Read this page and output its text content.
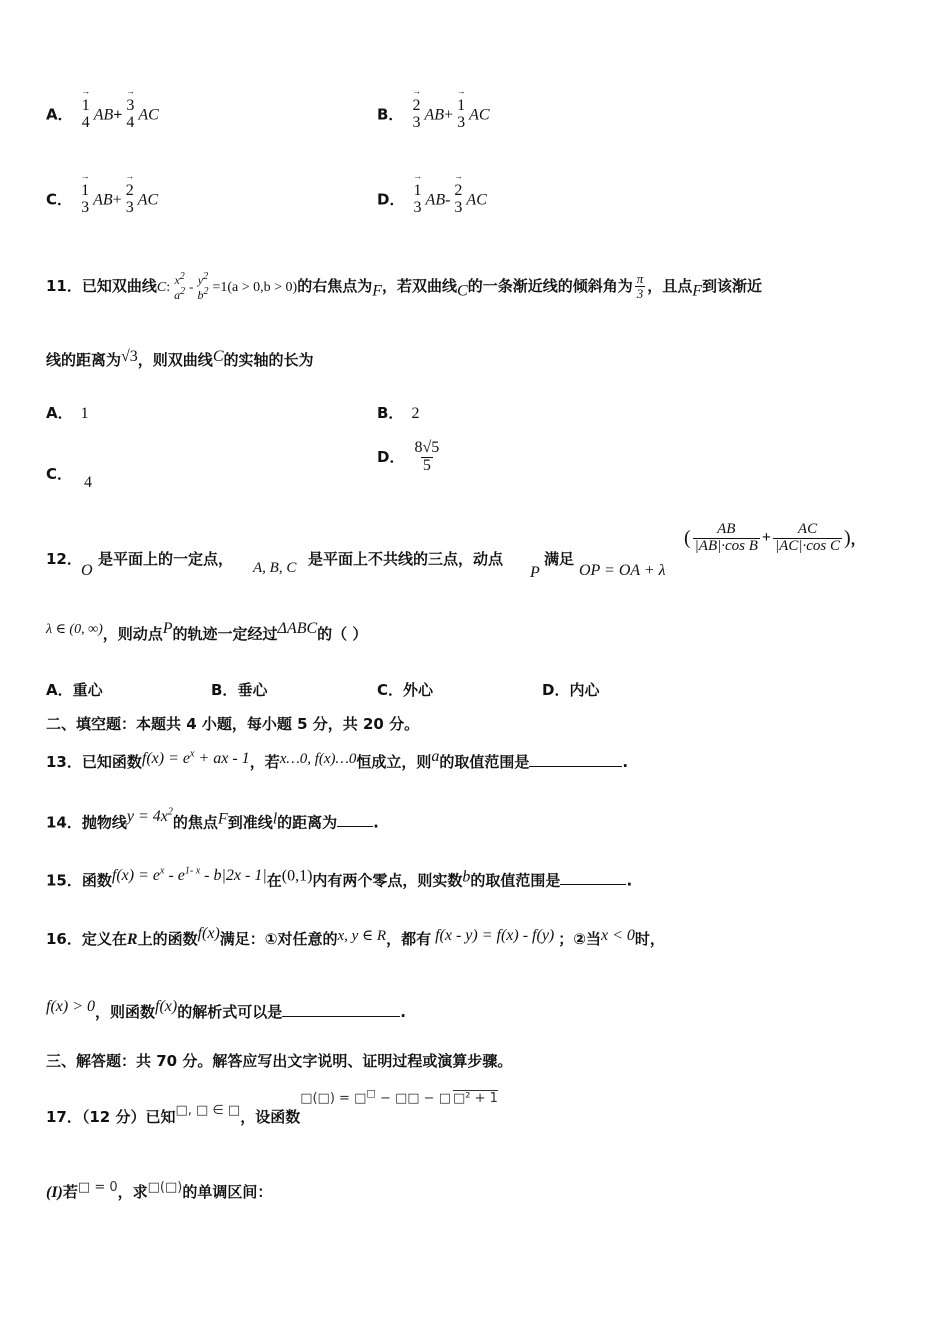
A． → 1
4 AB+
→ 3
4 AC	B． → 2
3 AB+
→ 1
3 AC
C． → 1
3 AB+
→ 2
3 AC	D． → 1
3 AB-
→ 2
3 AC
11．已知双曲线C:
$x^2$
$a^2 - y^2$
$b^2 =1(a > 0,b > 0)$的右焦点为F，若双曲线C的一条渐近线的倾斜角为 $\frac{\pi}{3}$ ，且点F到该渐近
线的距离为√3，则双曲线C的实轴的长为
A． 1	B． 2
C． 4
D． $\frac{8√5}{5}$
12．
O
是平面上的一定点， A, B, C 是平面上不共线的三点，动点
P
满足
OP = OA + λ
( $\frac{AB}{\text{|AB|·cos B}} + \frac{AC}{\text{|AC|·cos C}}$ ) ，
λ ∈ (0, ∞)，则动点P的轨迹一定经过ΔABC的（ ）
A．重心	B．垂心	C．外心	D．内心
二、填空题：本题共 4 小题，每小题 5 分，共 20 分。
13．已知函数$f(x) = e^x$ + ax - 1，若x…0, f(x)…0恒成立，则a的取值范围是	.
14．抛物线$y = 4x^2$的焦点F到准线l的距离为 .
15．函数$f(x) = e^x - e^{1- x} - b|2x - 1|$在(0,1)内有两个零点，则实数b的取值范围是	.
16．定义在R上的函数f(x)满足：①对任意的x, y ∈ R，都有 f(x - y) = f(x) - f(y) ；②当x < 0时，
f(x) > 0，则函数f(x)的解析式可以是	.
三、解答题：共 70 分。解答应写出文字说明、证明过程或演算步骤。
17．（12 分）已知□, □ ∈ □，设函数$^{□(□) = □^□ - □□ - □ □^2 + 1}$
(I)若$^{□ = 0}$，求□(□)的单调区间：
